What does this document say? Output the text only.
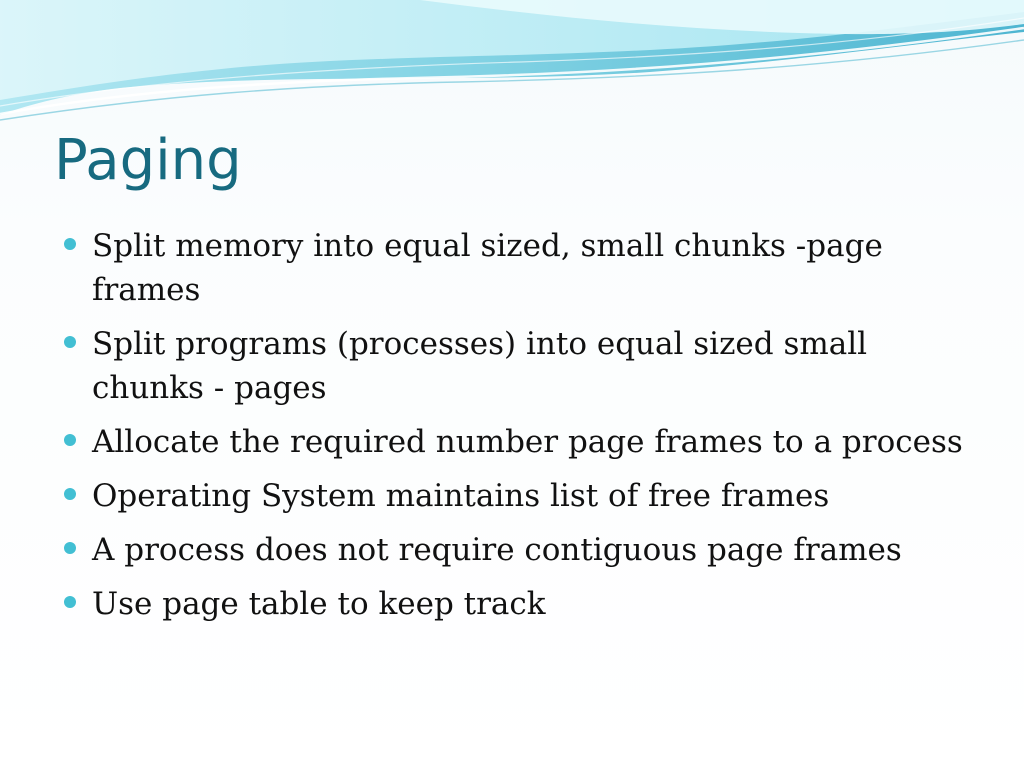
Paging
Split memory into equal sized, small chunks -page frames
Split programs (processes) into equal sized small chunks - pages
Allocate the required number page frames to a process
Operating System maintains list of free frames
A process does not require contiguous page frames
Use page table to keep track
